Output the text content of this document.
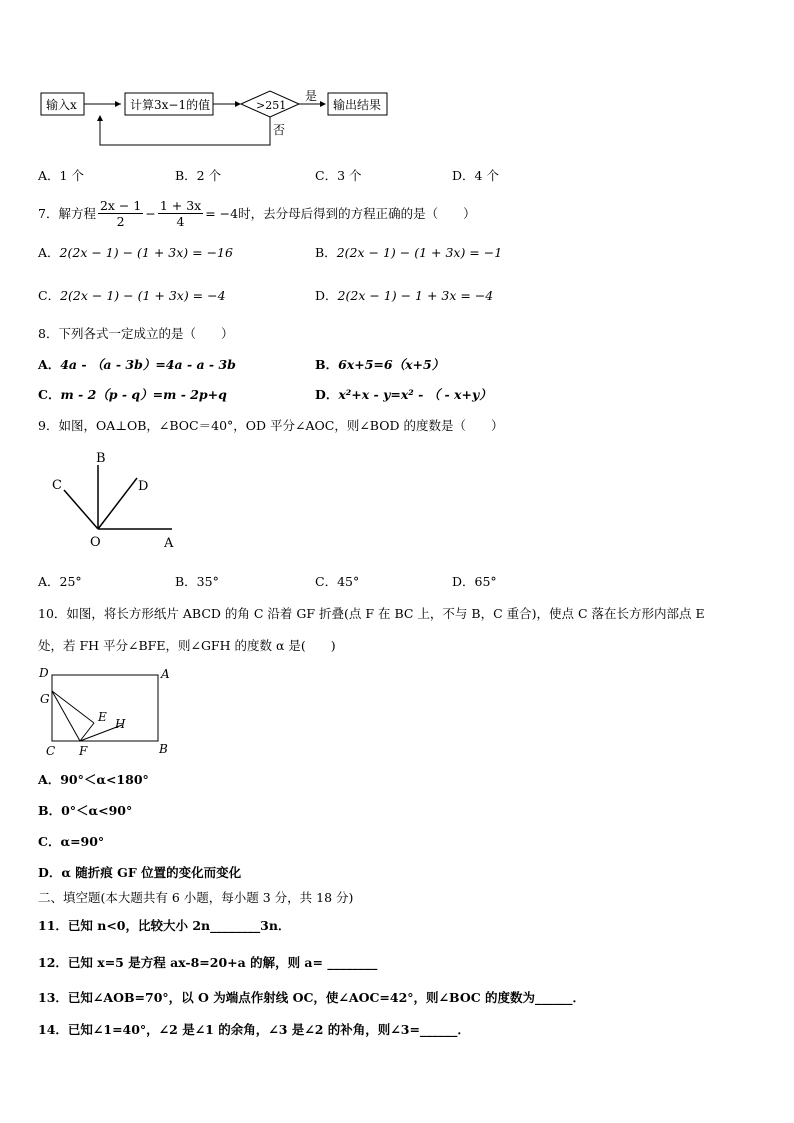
输入x	计算3x−1的值	>251
是
输出结果
否
A．1 个	B．2 个	C．3 个	D．4 个
7．解方程 $\frac{2x - 1}{2} - \frac{1 + 3x}{4} = -4$ 时，去分母后得到的方程正确的是（　　）
A．2(2x − 1) − (1 + 3x) = −16	B．2(2x − 1) − (1 + 3x) = −1
C．2(2x − 1) − (1 + 3x) = −4	D．2(2x − 1) − 1 + 3x = −4
8．下列各式一定成立的是（　　）
A．4a - （a - 3b）=4a - a - 3b	B．6x+5=6（x+5）
C．m - 2（p - q）=m - 2p+q	D．x²+x - y=x² - （ - x+y）
9．如图，OA⊥OB，∠BOC＝40°，OD 平分∠AOC，则∠BOD 的度数是（　　）
B
C	D
O	A
A．25°	B．35°	C．45°	D．65°
10．如图，将长方形纸片 ABCD 的角 C 沿着 GF 折叠(点 F 在 BC 上，不与 B，C 重合)，使点 C 落在长方形内部点 E
处，若 FH 平分∠BFE，则∠GFH 的度数 α 是(　　)
D	A
G
E H
C F	B
A．90°＜α<180°
B．0°＜α<90°
C．α=90°
D．α 随折痕 GF 位置的变化而变化
二、填空题(本大题共有 6 小题，每小题 3 分，共 18 分)
11．已知 n<0，比较大小 2n________3n．
12．已知 x=5 是方程 ax-8=20+a 的解，则 a= ________
13．已知∠AOB=70°，以 O 为端点作射线 OC，使∠AOC=42°，则∠BOC 的度数为______．
14．已知∠1=40°，∠2 是∠1 的余角，∠3 是∠2 的补角，则∠3=______．
